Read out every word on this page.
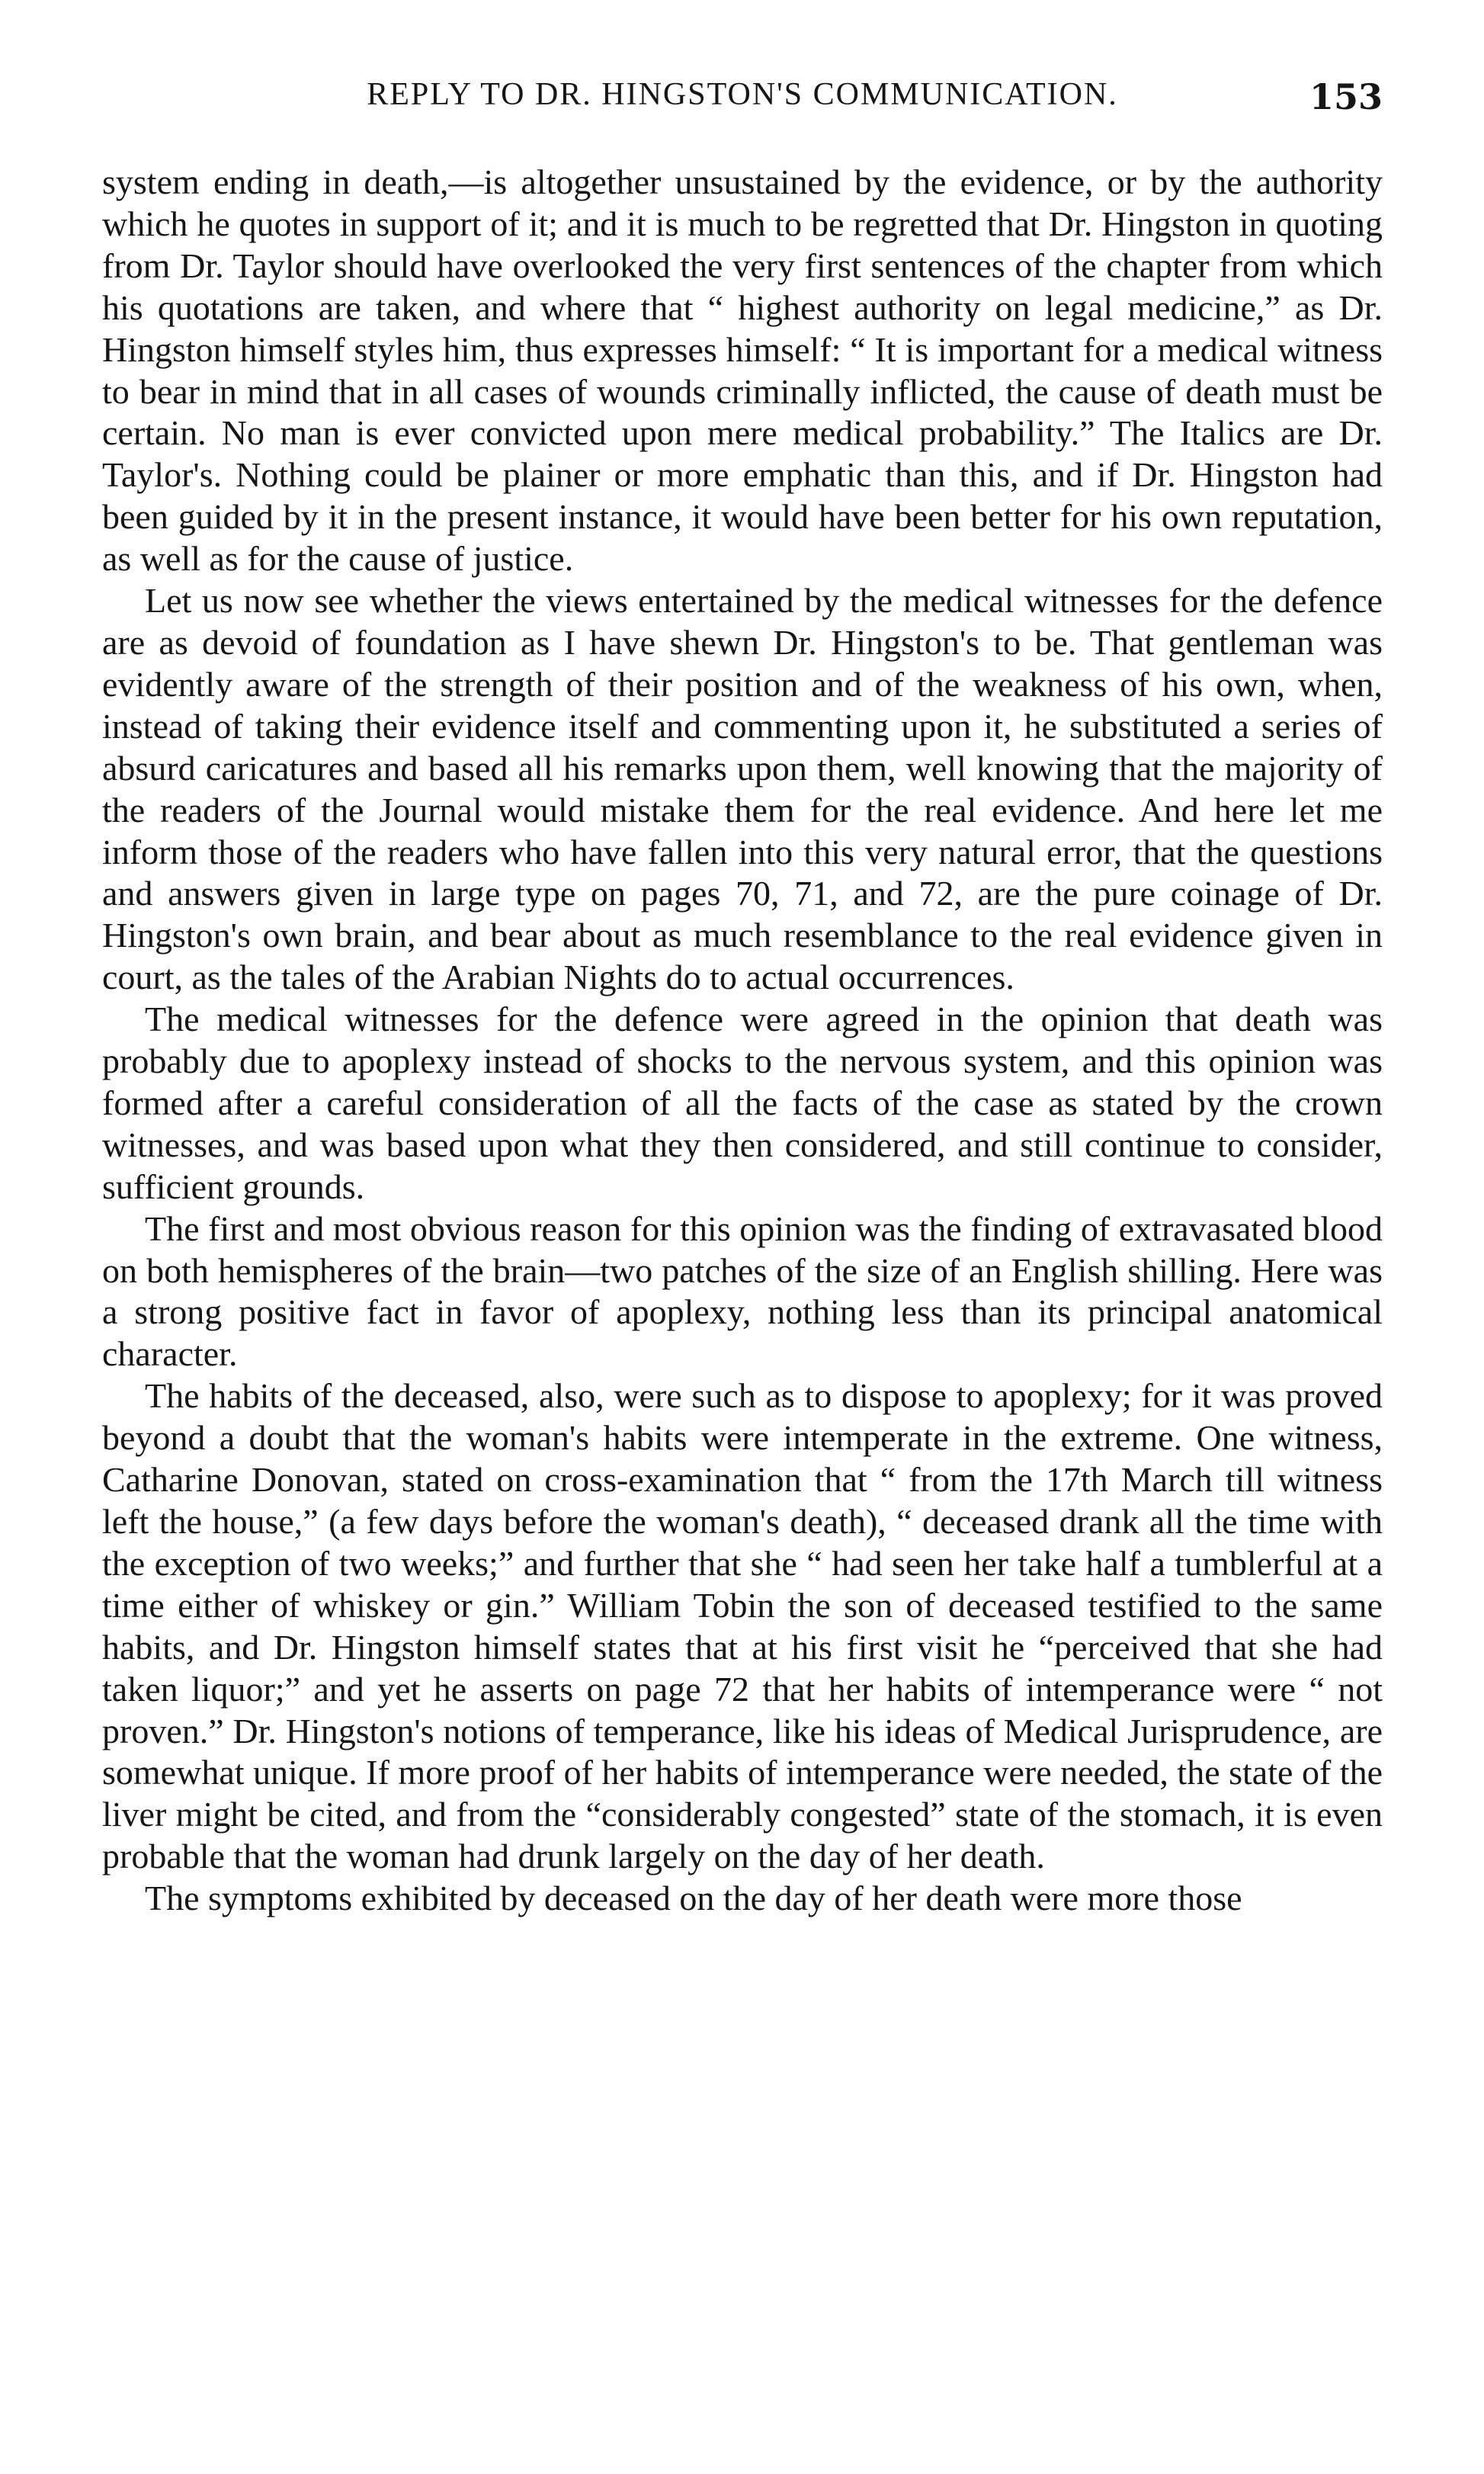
REPLY TO DR. HINGSTON'S COMMUNICATION.	153

system ending in death,—is altogether unsustained by the evidence, or by the authority which he quotes in support of it; and it is much to be regretted that Dr. Hingston in quoting from Dr. Taylor should have overlooked the very first sentences of the chapter from which his quotations are taken, and where that “ highest authority on legal medicine,” as Dr. Hingston himself styles him, thus expresses himself: “ It is important for a medical witness to bear in mind that in all cases of wounds criminally inflicted, the cause of death must be certain. No man is ever convicted upon mere medical probability.” The Italics are Dr. Taylor's. Nothing could be plainer or more emphatic than this, and if Dr. Hingston had been guided by it in the present instance, it would have been better for his own reputation, as well as for the cause of justice.

Let us now see whether the views entertained by the medical witnesses for the defence are as devoid of foundation as I have shewn Dr. Hingston's to be. That gentleman was evidently aware of the strength of their position and of the weakness of his own, when, instead of taking their evidence itself and commenting upon it, he substituted a series of absurd caricatures and based all his remarks upon them, well knowing that the majority of the readers of the Journal would mistake them for the real evidence. And here let me inform those of the readers who have fallen into this very natural error, that the questions and answers given in large type on pages 70, 71, and 72, are the pure coinage of Dr. Hingston's own brain, and bear about as much resemblance to the real evidence given in court, as the tales of the Arabian Nights do to actual occurrences.

The medical witnesses for the defence were agreed in the opinion that death was probably due to apoplexy instead of shocks to the nervous system, and this opinion was formed after a careful consideration of all the facts of the case as stated by the crown witnesses, and was based upon what they then considered, and still continue to consider, sufficient grounds.

The first and most obvious reason for this opinion was the finding of extravasated blood on both hemispheres of the brain—two patches of the size of an English shilling. Here was a strong positive fact in favor of apoplexy, nothing less than its principal anatomical character.

The habits of the deceased, also, were such as to dispose to apoplexy; for it was proved beyond a doubt that the woman's habits were intemperate in the extreme. One witness, Catharine Donovan, stated on cross-examination that “ from the 17th March till witness left the house,” (a few days before the woman's death), “ deceased drank all the time with the exception of two weeks;” and further that she “ had seen her take half a tumblerful at a time either of whiskey or gin.” William Tobin the son of deceased testified to the same habits, and Dr. Hingston himself states that at his first visit he “perceived that she had taken liquor;” and yet he asserts on page 72 that her habits of intemperance were “ not proven.” Dr. Hingston's notions of temperance, like his ideas of Medical Jurisprudence, are somewhat unique. If more proof of her habits of intemperance were needed, the state of the liver might be cited, and from the “considerably congested” state of the stomach, it is even probable that the woman had drunk largely on the day of her death.

The symptoms exhibited by deceased on the day of her death were more those
